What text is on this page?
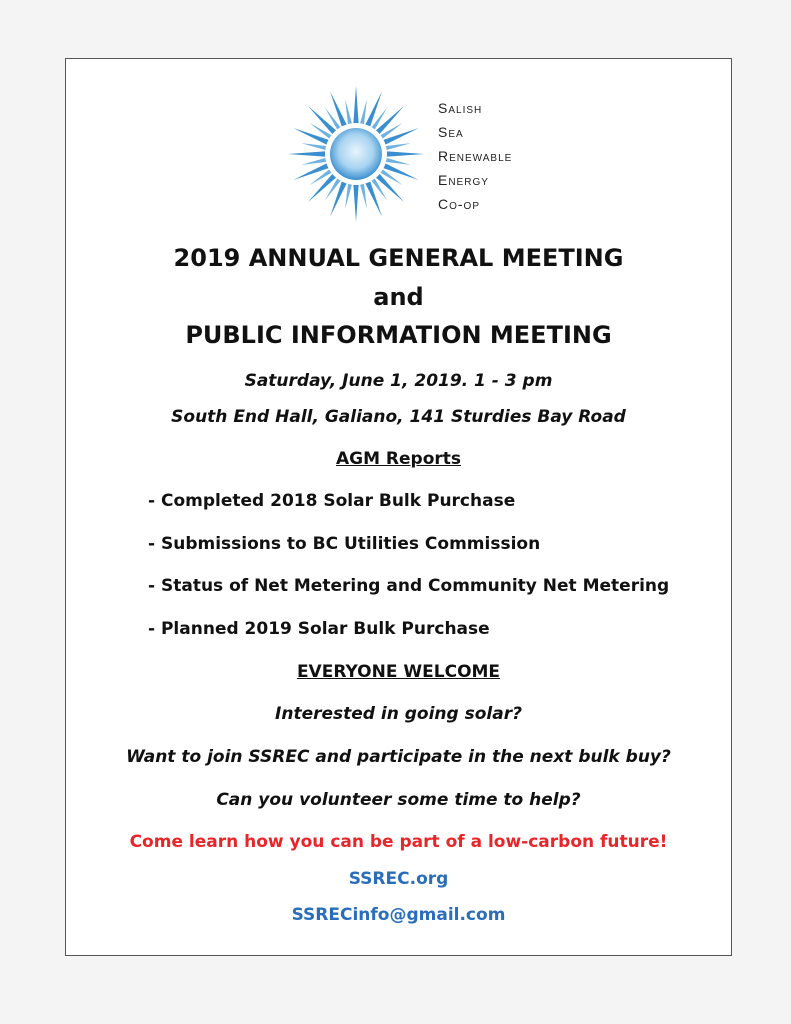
Salish
Sea
Renewable
Energy
Co-op
2019 ANNUAL GENERAL MEETING
and
PUBLIC INFORMATION MEETING
Saturday, June 1, 2019. 1 - 3 pm
South End Hall, Galiano, 141 Sturdies Bay Road
AGM Reports
- Completed 2018 Solar Bulk Purchase
- Submissions to BC Utilities Commission
- Status of Net Metering and Community Net Metering
- Planned 2019 Solar Bulk Purchase
EVERYONE WELCOME
Interested in going solar?
Want to join SSREC and participate in the next bulk buy?
Can you volunteer some time to help?
Come learn how you can be part of a low-carbon future!
SSREC.org
SSRECinfo@gmail.com
